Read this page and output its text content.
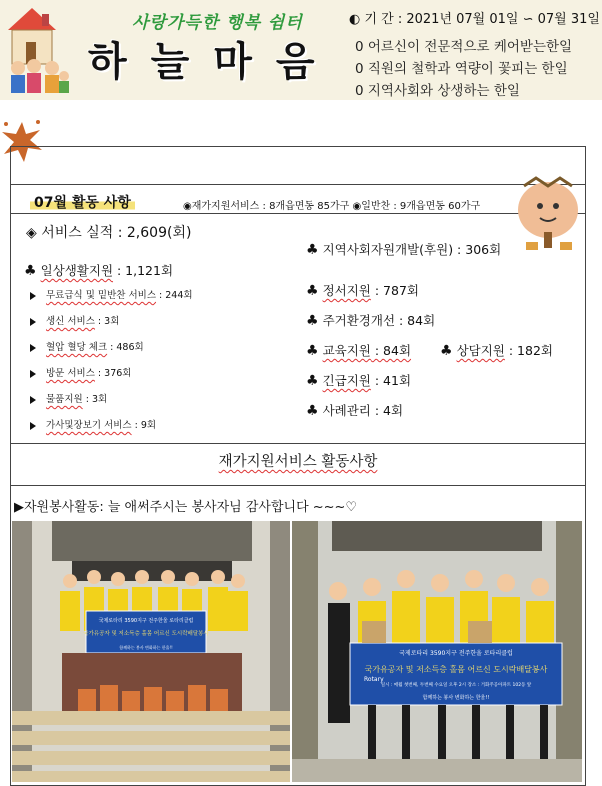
사랑가득한 행복 쉼터
하 늘 마 음
◐ 기 간 : 2021년 07월 01일 ∽ 07월 31일
0 어르신이 전문적으로 케어받는한일
0 직원의 철학과 역량이 꽃피는 한일
0 지역사회와 상생하는 한일
07월 활동 사항	◉재가지원서비스 : 8개읍면동 85가구 ◉일반찬 : 9개읍면동 60가구
◈ 서비스 실적 : 2,609(회)
♣ 일상생활지원 : 1,121회
무료급식 및 밑반찬 서비스 : 244회
생신 서비스 : 3회
혈압 혈당 체크 : 486회
방문 서비스 : 376회
물품지원 : 3회
가사및장보기 서비스 : 9회
♣ 지역사회자원개발(후원) : 306회
♣ 정서지원 : 787회
♣ 주거환경개선 : 84회
♣ 교육지원 : 84회 ♣ 상담지원 : 182회
♣ 긴급지원 : 41회
♣ 사례관리 : 4회
재가지원서비스 활동사항
▶자원봉사활동: 늘 애써주시는 봉사자님 감사합니다 ~~~♡
국제로타리 3590지구 전주한울 로타리클럽
국가유공자 및 저소득층 홀몸 어르신 도시락배달봉사
함께하는 봉사 변화하는 한울!!
국제로타리 3590지구 전주한울 로타리클럽
국가유공자 및 저소득층 홀몸 어르신 도시락배달봉사
일시 : 매월 첫번째, 두번째 수요일 오후 2시 장소 : 거화주공아파트 102동 앞
함께하는 봉사 변화하는 한울!!
Rotary
